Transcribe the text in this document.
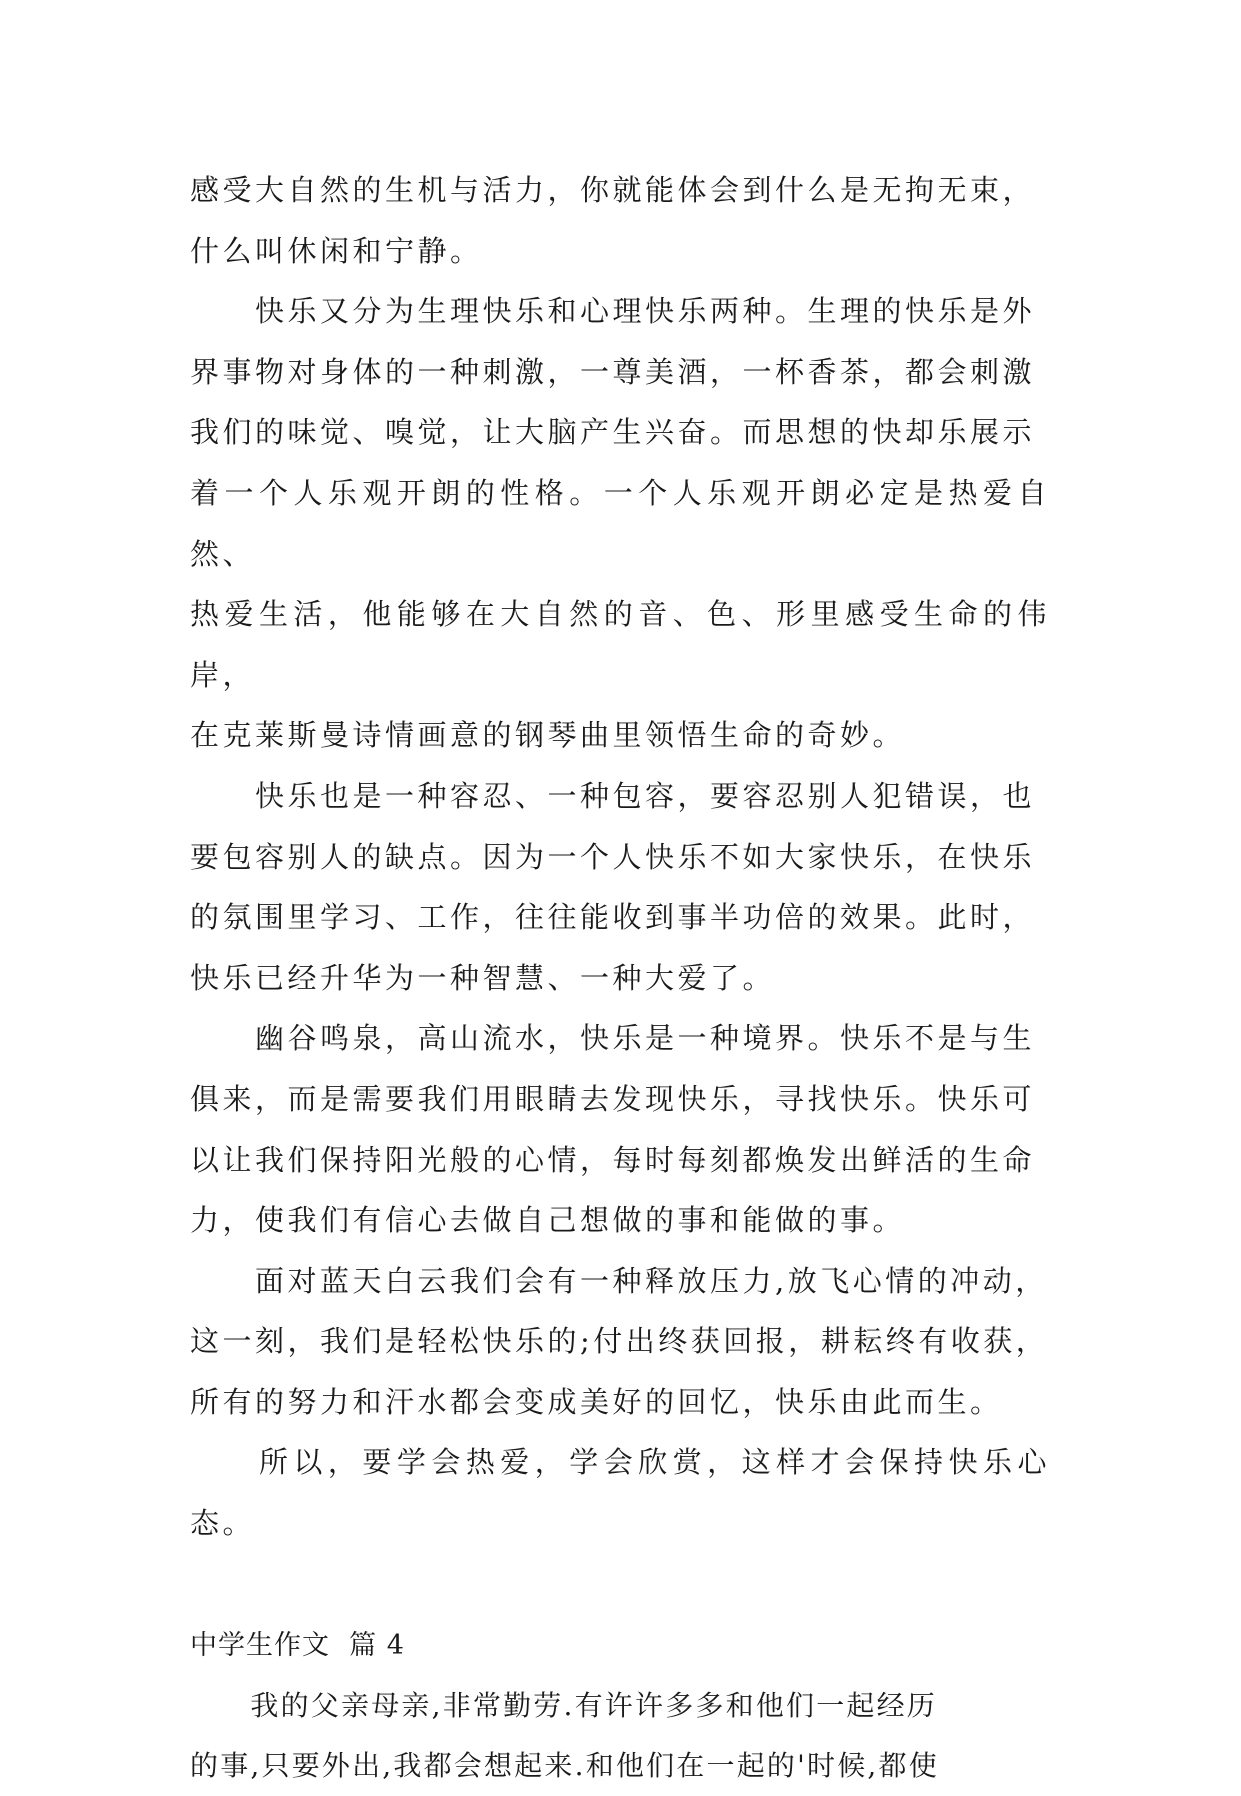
感受大自然的生机与活力，你就能体会到什么是无拘无束，
什么叫休闲和宁静。

　　快乐又分为生理快乐和心理快乐两种。生理的快乐是外
界事物对身体的一种刺激，一尊美酒，一杯香茶，都会刺激
我们的味觉、嗅觉，让大脑产生兴奋。而思想的快却乐展示
着一个人乐观开朗的性格。一个人乐观开朗必定是热爱自然、
热爱生活，他能够在大自然的音、色、形里感受生命的伟岸，
在克莱斯曼诗情画意的钢琴曲里领悟生命的奇妙。

　　快乐也是一种容忍、一种包容，要容忍别人犯错误，也
要包容别人的缺点。因为一个人快乐不如大家快乐，在快乐
的氛围里学习、工作，往往能收到事半功倍的效果。此时，
快乐已经升华为一种智慧、一种大爱了。

　　幽谷鸣泉，高山流水，快乐是一种境界。快乐不是与生
俱来，而是需要我们用眼睛去发现快乐，寻找快乐。快乐可
以让我们保持阳光般的心情，每时每刻都焕发出鲜活的生命
力，使我们有信心去做自己想做的事和能做的事。

　　面对蓝天白云我们会有一种释放压力,放飞心情的冲动，
这一刻，我们是轻松快乐的;付出终获回报，耕耘终有收获，
所有的努力和汗水都会变成美好的回忆，快乐由此而生。

　　所以，要学会热爱，学会欣赏，这样才会保持快乐心态。

中学生作文  篇 4

　　我的父亲母亲,非常勤劳.有许许多多和他们一起经历
的事,只要外出,我都会想起来.和他们在一起的'时候,都使
